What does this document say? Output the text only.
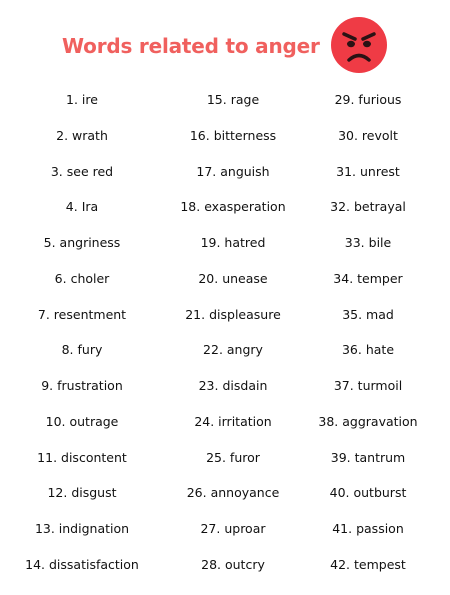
Words related to anger
1. ire
2. wrath
3. see red
4. Ira
5. angriness
6. choler
7. resentment
8. fury
9. frustration
10. outrage
11. discontent
12. disgust
13. indignation
14. dissatisfaction
15. rage
16. bitterness
17. anguish
18. exasperation
19. hatred
20. unease
21. displeasure
22. angry
23. disdain
24. irritation
25. furor
26. annoyance
27. uproar
28. outcry
29. furious
30. revolt
31. unrest
32. betrayal
33. bile
34. temper
35. mad
36. hate
37. turmoil
38. aggravation
39. tantrum
40. outburst
41. passion
42. tempest
